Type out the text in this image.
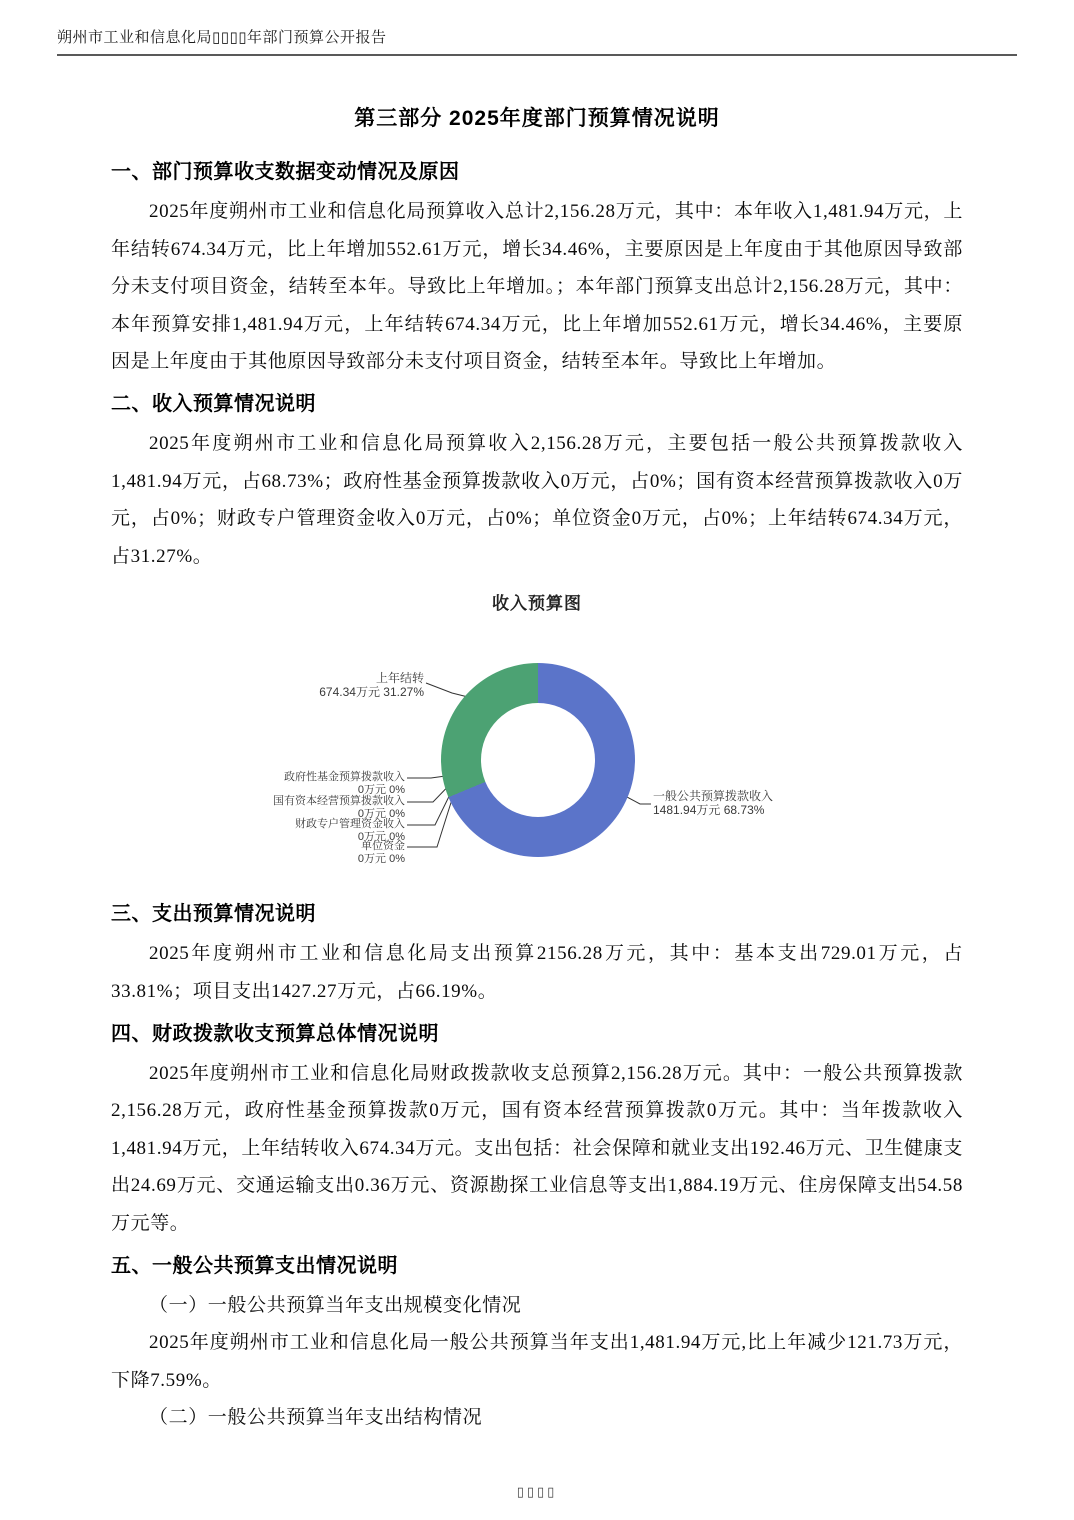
朔州市工业和信息化局▯▯▯▯年部门预算公开报告
第三部分 2025年度部门预算情况说明
一、部门预算收支数据变动情况及原因

2025年度朔州市工业和信息化局预算收入总计2,156.28万元，其中：本年收入1,481.94万元，上年结转674.34万元，比上年增加552.61万元，增长34.46%，主要原因是上年度由于其他原因导致部分未支付项目资金，结转至本年。导致比上年增加。；本年部门预算支出总计2,156.28万元，其中：本年预算安排1,481.94万元，上年结转674.34万元，比上年增加552.61万元，增长34.46%，主要原因是上年度由于其他原因导致部分未支付项目资金，结转至本年。导致比上年增加。

二、收入预算情况说明

2025年度朔州市工业和信息化局预算收入2,156.28万元，主要包括一般公共预算拨款收入1,481.94万元，占68.73%；政府性基金预算拨款收入0万元，占0%；国有资本经营预算拨款收入0万元，占0%；财政专户管理资金收入0万元，占0%；单位资金0万元，占0%；上年结转674.34万元，占31.27%。

收入预算图
上年结转
674.34万元 31.27%
政府性基金预算拨款收入
0万元 0%
国有资本经营预算拨款收入
0万元 0%
财政专户管理资金收入
0万元 0%
单位资金
0万元 0%
一般公共预算拨款收入
1481.94万元 68.73%
三、支出预算情况说明

2025年度朔州市工业和信息化局支出预算2156.28万元，其中：基本支出729.01万元，占33.81%；项目支出1427.27万元，占66.19%。

四、财政拨款收支预算总体情况说明

2025年度朔州市工业和信息化局财政拨款收支总预算2,156.28万元。其中：一般公共预算拨款2,156.28万元，政府性基金预算拨款0万元，国有资本经营预算拨款0万元。其中：当年拨款收入1,481.94万元，上年结转收入674.34万元。支出包括：社会保障和就业支出192.46万元、卫生健康支出24.69万元、交通运输支出0.36万元、资源勘探工业信息等支出1,884.19万元、住房保障支出54.58万元等。

五、一般公共预算支出情况说明

（一）一般公共预算当年支出规模变化情况

2025年度朔州市工业和信息化局一般公共预算当年支出1,481.94万元,比上年减少121.73万元，下降7.59%。

（二）一般公共预算当年支出结构情况

▯▯▯▯
